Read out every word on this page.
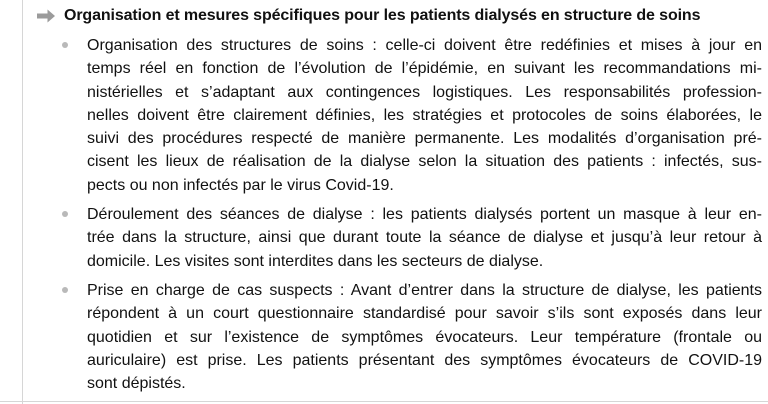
Organisation et mesures spécifiques pour les patients dialysés en structure de soins
Organisation des structures de soins : celle-ci doivent être redéfinies et mises à jour en
temps réel en fonction de l’évolution de l’épidémie, en suivant les recommandations mi-
nistérielles et s’adaptant aux contingences logistiques. Les responsabilités profession-
nelles doivent être clairement définies, les stratégies et protocoles de soins élaborées, le
suivi des procédures respecté de manière permanente. Les modalités d’organisation pré-
cisent les lieux de réalisation de la dialyse selon la situation des patients : infectés, sus-
pects ou non infectés par le virus Covid-19.
Déroulement des séances de dialyse : les patients dialysés portent un masque à leur en-
trée dans la structure, ainsi que durant toute la séance de dialyse et jusqu’à leur retour à
domicile. Les visites sont interdites dans les secteurs de dialyse.
Prise en charge de cas suspects : Avant d’entrer dans la structure de dialyse, les patients
répondent à un court questionnaire standardisé pour savoir s’ils sont exposés dans leur
quotidien et sur l’existence de symptômes évocateurs. Leur température (frontale ou
auriculaire) est prise. Les patients présentant des symptômes évocateurs de COVID-19
sont dépistés.
